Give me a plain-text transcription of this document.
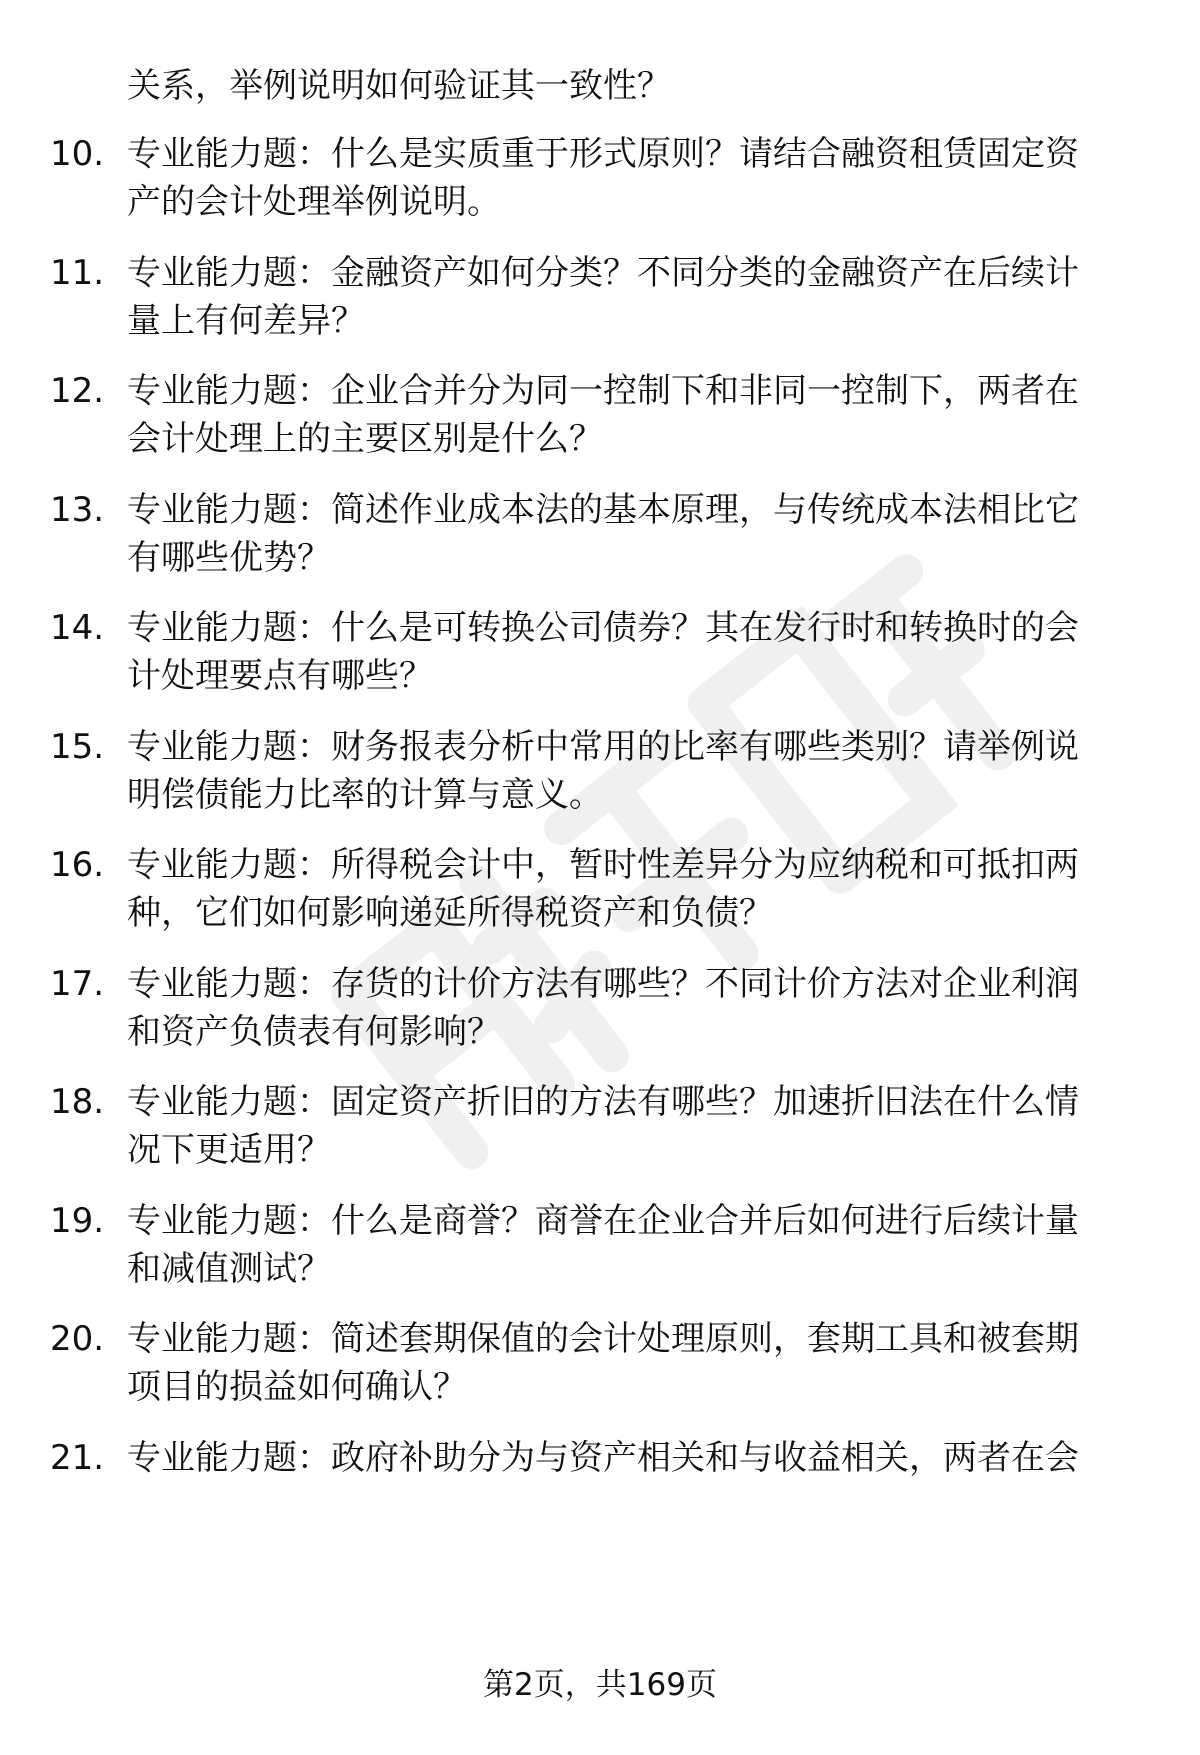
关系，举例说明如何验证其一致性？
10. 专业能力题：什么是实质重于形式原则？请结合融资租赁固定资
产的会计处理举例说明。
11. 专业能力题：金融资产如何分类？不同分类的金融资产在后续计
量上有何差异？
12. 专业能力题：企业合并分为同一控制下和非同一控制下，两者在
会计处理上的主要区别是什么？
13. 专业能力题：简述作业成本法的基本原理，与传统成本法相比它
有哪些优势？
14. 专业能力题：什么是可转换公司债券？其在发行时和转换时的会
计处理要点有哪些？
15. 专业能力题：财务报表分析中常用的比率有哪些类别？请举例说
明偿债能力比率的计算与意义。
16. 专业能力题：所得税会计中，暂时性差异分为应纳税和可抵扣两
种，它们如何影响递延所得税资产和负债？
17. 专业能力题：存货的计价方法有哪些？不同计价方法对企业利润
和资产负债表有何影响？
18. 专业能力题：固定资产折旧的方法有哪些？加速折旧法在什么情
况下更适用？
19. 专业能力题：什么是商誉？商誉在企业合并后如何进行后续计量
和减值测试？
20. 专业能力题：简述套期保值的会计处理原则，套期工具和被套期
项目的损益如何确认？
21. 专业能力题：政府补助分为与资产相关和与收益相关，两者在会
第2页，共169页
